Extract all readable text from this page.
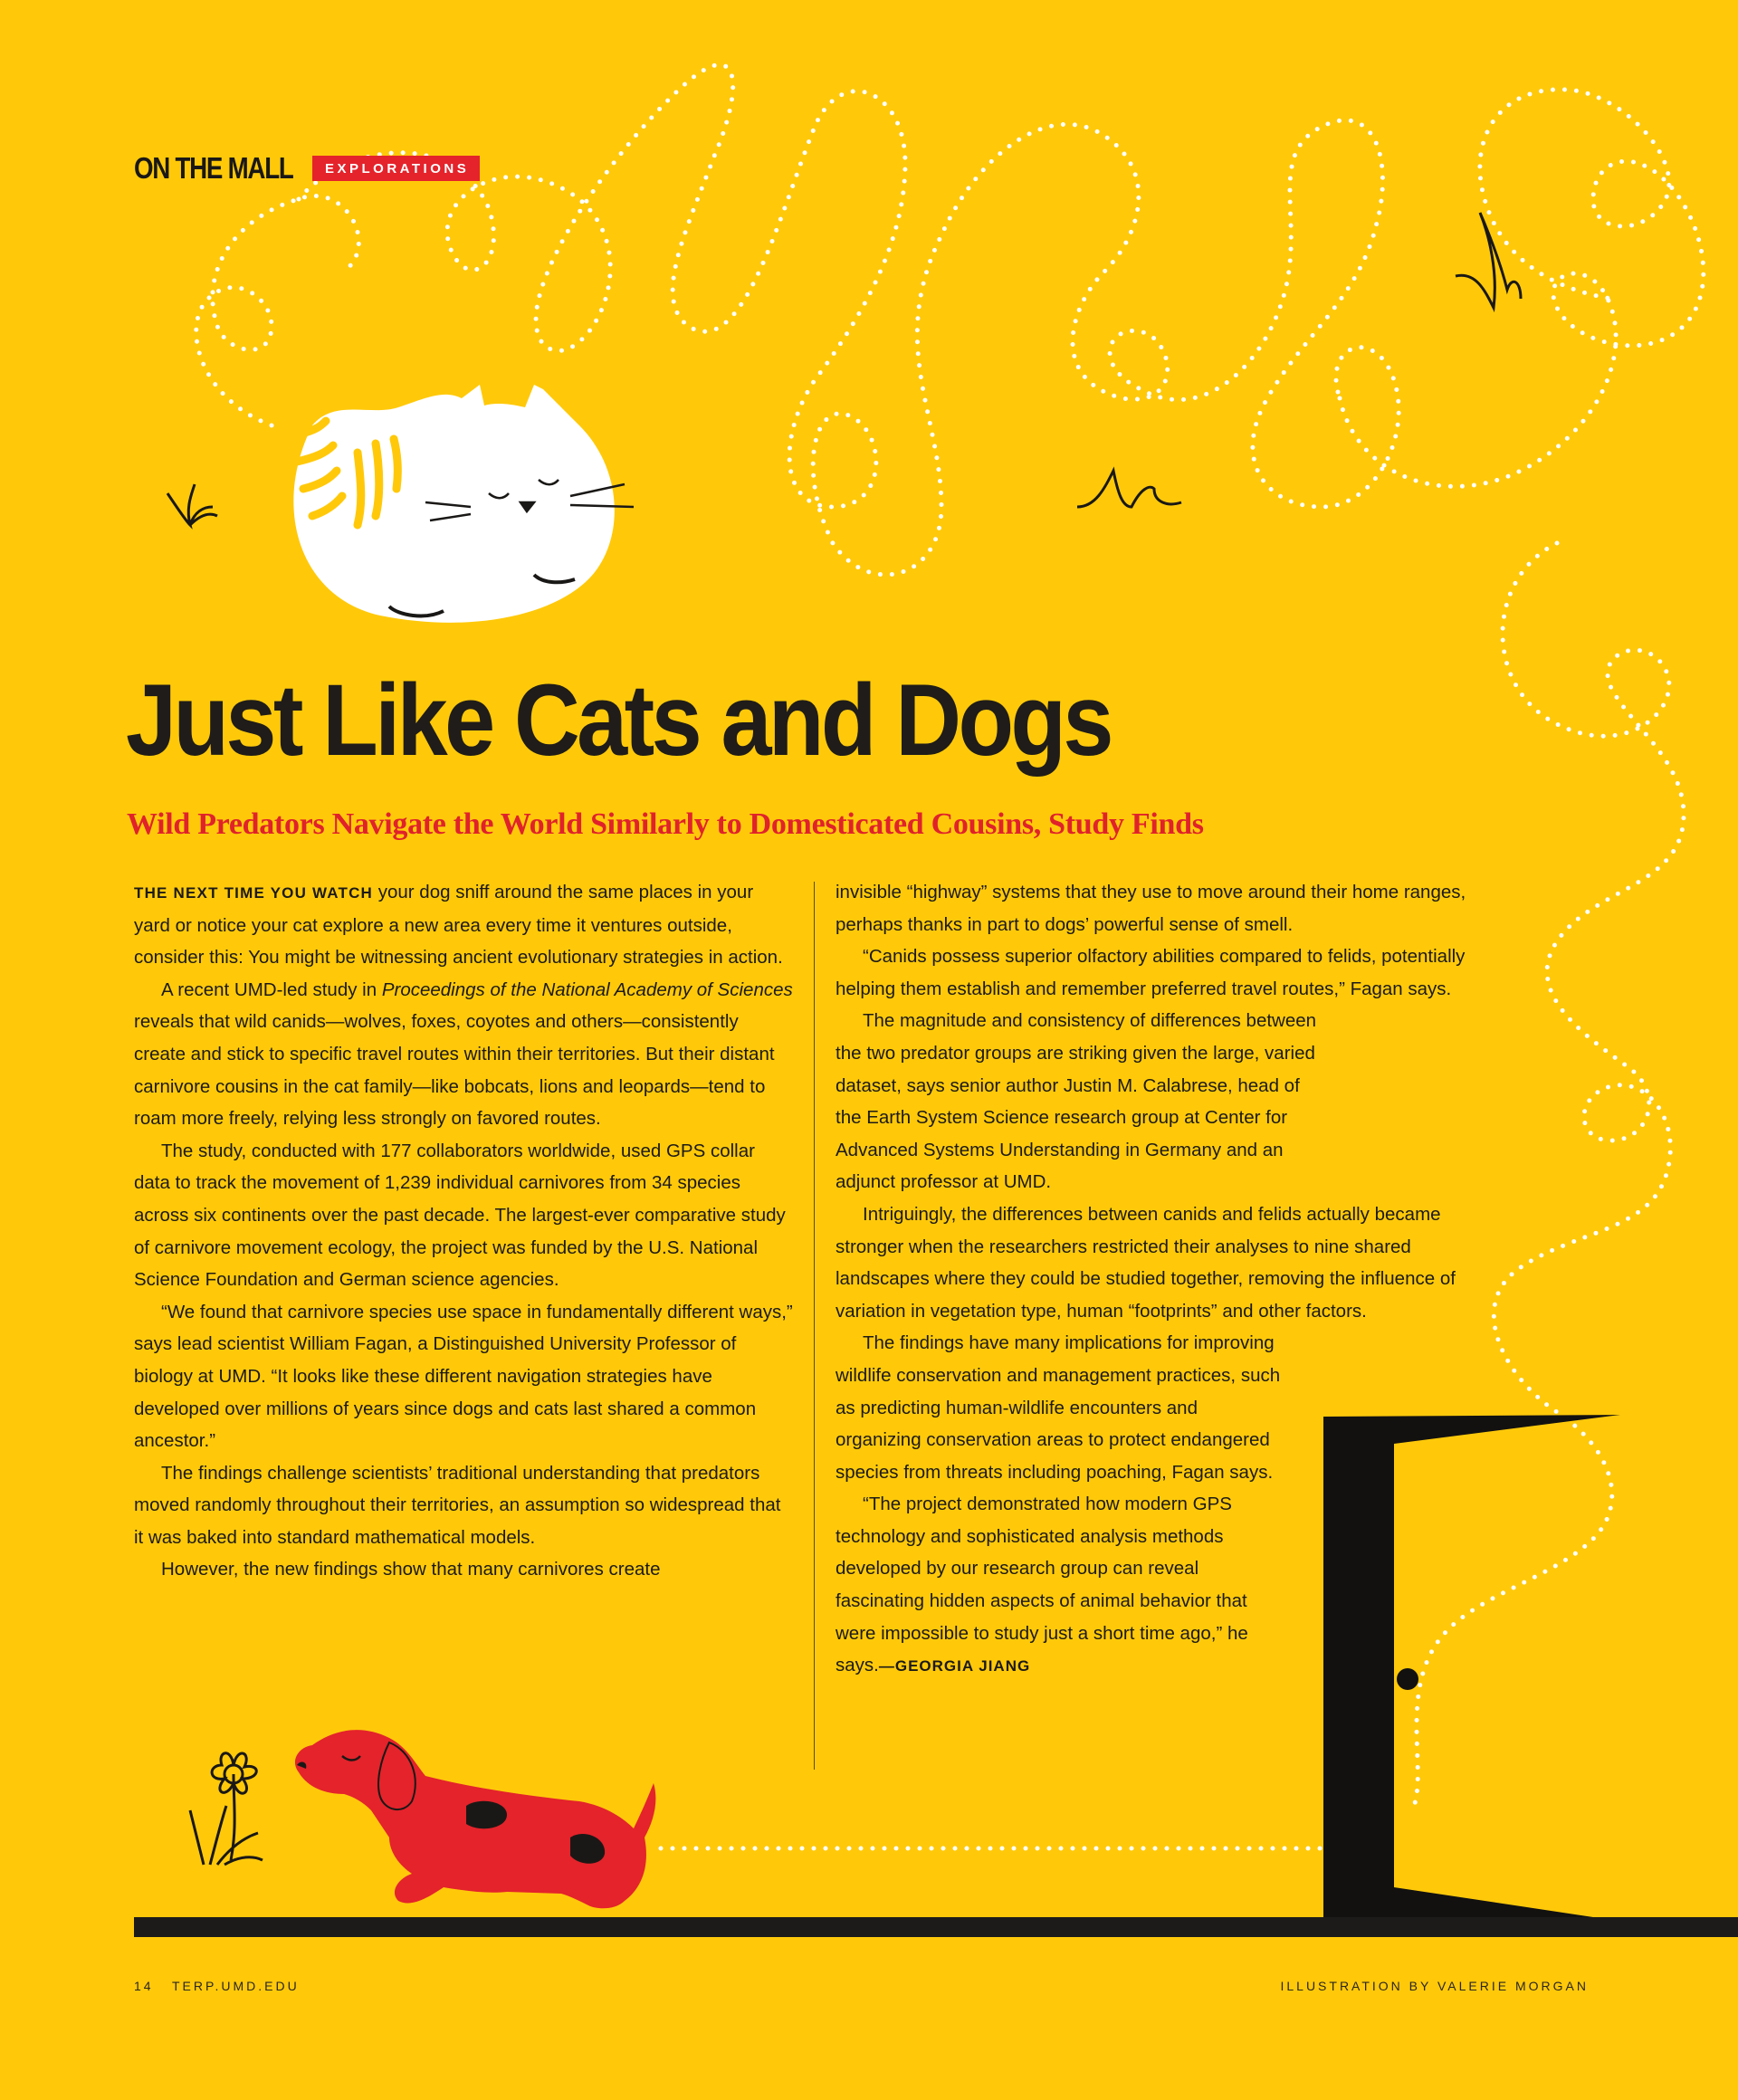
ON THE MALL	EXPLORATIONS
Just Like Cats and Dogs
Wild Predators Navigate the World Similarly to Domesticated Cousins, Study Finds

THE NEXT TIME YOU WATCH your dog sniff around the same places in your yard or notice your cat explore a new area every time it ventures outside, consider this: You might be witnessing ancient evolutionary strategies in action.

A recent UMD-led study in Proceedings of the National Academy of Sciences reveals that wild canids—wolves, foxes, coyotes and others—consistently create and stick to specific travel routes within their territories. But their distant carnivore cousins in the cat family—like bobcats, lions and leopards—tend to roam more freely, relying less strongly on favored routes.

The study, conducted with 177 collaborators worldwide, used GPS collar data to track the movement of 1,239 individual carnivores from 34 species across six continents over the past decade. The largest-ever comparative study of carnivore movement ecology, the project was funded by the U.S. National Science Foundation and German science agencies.

“We found that carnivore species use space in fundamentally different ways,” says lead scientist William Fagan, a Distinguished University Professor of biology at UMD. “It looks like these different navigation strategies have developed over millions of years since dogs and cats last shared a common ancestor.”

The findings challenge scientists’ traditional understanding that predators moved randomly throughout their territories, an assumption so widespread that it was baked into standard mathematical models.

However, the new findings show that many carnivores create

invisible “highway” systems that they use to move around their home ranges, perhaps thanks in part to dogs’ powerful sense of smell.

“Canids possess superior olfactory abilities compared to felids, potentially helping them establish and remember preferred travel routes,” Fagan says.

The magnitude and consistency of differences between the two predator groups are striking given the large, varied dataset, says senior author Justin M. Calabrese, head of the Earth System Science research group at Center for Advanced Systems Understanding in Germany and an adjunct professor at UMD.

Intriguingly, the differences between canids and felids actually became stronger when the researchers restricted their analyses to nine shared landscapes where they could be studied together, removing the influence of variation in vegetation type, human “footprints” and other factors.

The findings have many implications for improving wildlife conservation and management practices, such as predicting human-wildlife encounters and organizing conservation areas to protect endangered species from threats including poaching, Fagan says.

“The project demonstrated how modern GPS technology and sophisticated analysis methods developed by our research group can reveal fascinating hidden aspects of animal behavior that were impossible to study just a short time ago,” he says.—GEORGIA JIANG

14   TERP.UMD.EDU	ILLUSTRATION BY VALERIE MORGAN
